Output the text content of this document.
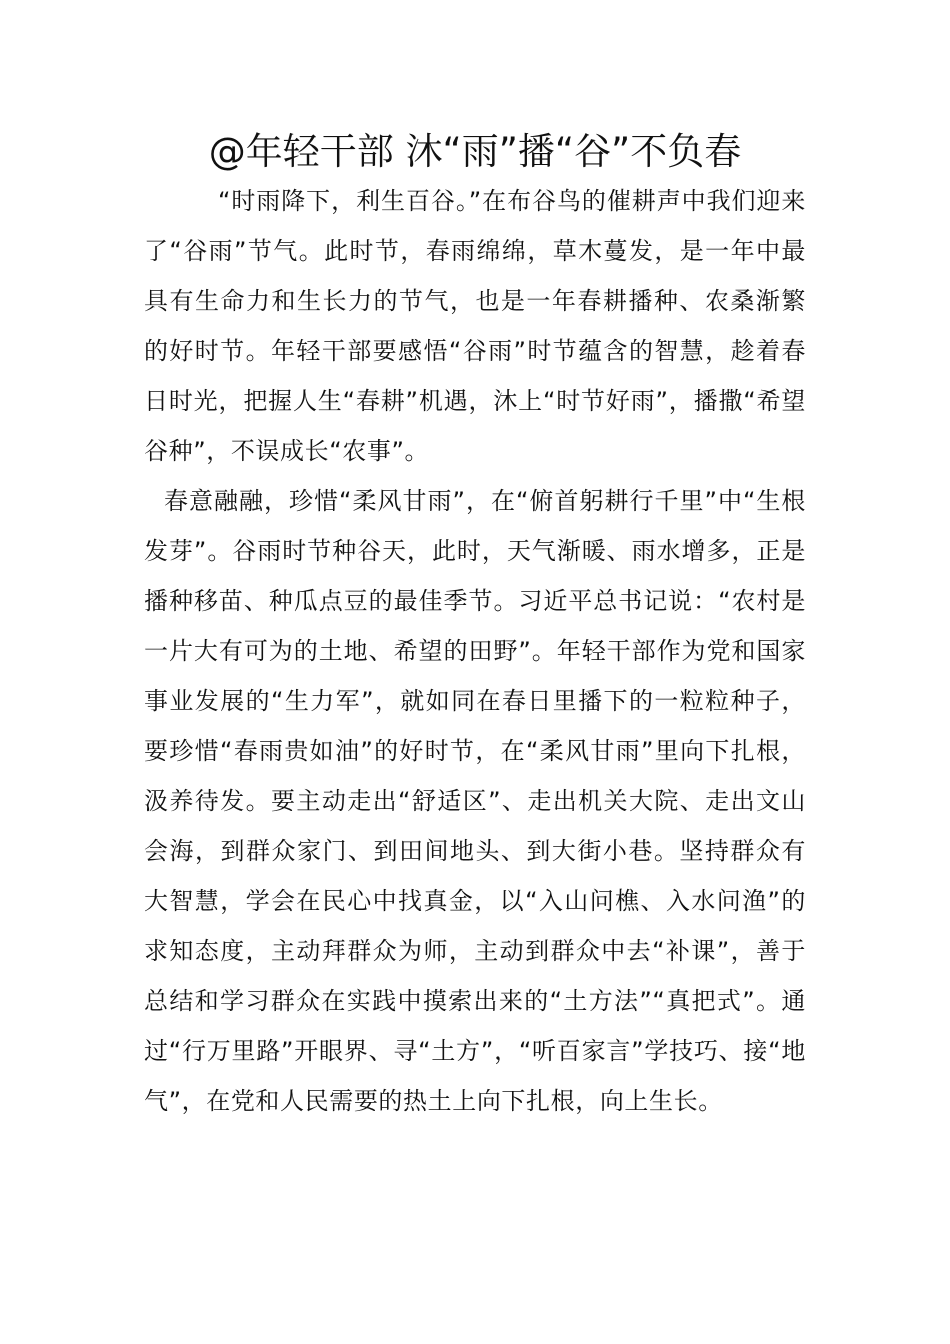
@年轻干部 沐“雨”播“谷”不负春

“时雨降下，利生百谷。”在布谷鸟的催耕声中我们迎来了“谷雨”节气。此时节，春雨绵绵，草木蔓发，是一年中最具有生命力和生长力的节气，也是一年春耕播种、农桑渐繁的好时节。年轻干部要感悟“谷雨”时节蕴含的智慧，趁着春日时光，把握人生“春耕”机遇，沐上“时节好雨”，播撒“希望谷种”，不误成长“农事”。

春意融融，珍惜“柔风甘雨”，在“俯首躬耕行千里”中“生根发芽”。谷雨时节种谷天，此时，天气渐暖、雨水增多，正是播种移苗、种瓜点豆的最佳季节。习近平总书记说：“农村是一片大有可为的土地、希望的田野”。年轻干部作为党和国家事业发展的“生力军”，就如同在春日里播下的一粒粒种子，要珍惜“春雨贵如油”的好时节，在“柔风甘雨”里向下扎根，汲养待发。要主动走出“舒适区”、走出机关大院、走出文山会海，到群众家门、到田间地头、到大街小巷。坚持群众有大智慧，学会在民心中找真金，以“入山问樵、入水问渔”的求知态度，主动拜群众为师，主动到群众中去“补课”，善于总结和学习群众在实践中摸索出来的“土方法”“真把式”。通过“行万里路”开眼界、寻“土方”，“听百家言”学技巧、接“地气”，在党和人民需要的热土上向下扎根，向上生长。
